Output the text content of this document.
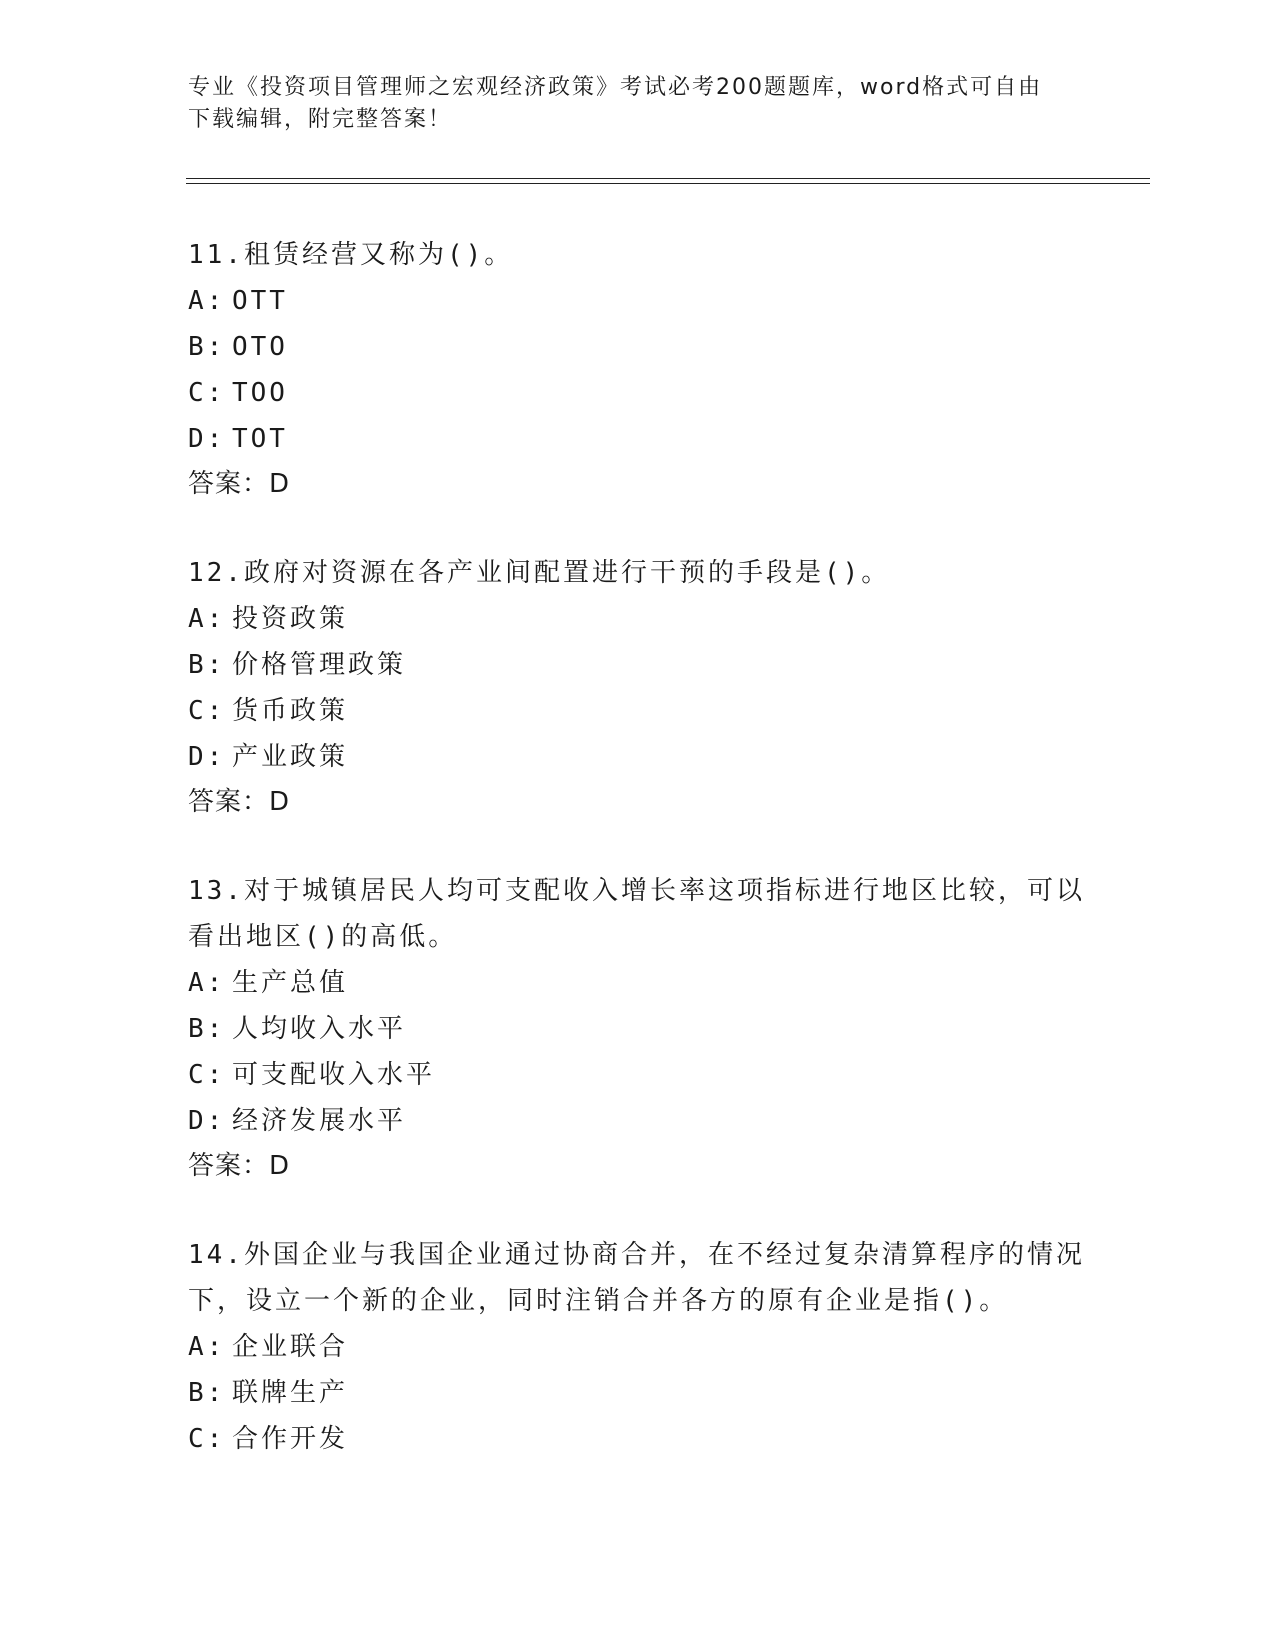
专业《投资项目管理师之宏观经济政策》考试必考200题题库，word格式可自由
下载编辑，附完整答案！
11.租赁经营又称为()。
A: OTT
B: OTO
C: TOO
D: TOT
答案：D
12.政府对资源在各产业间配置进行干预的手段是()。
A: 投资政策
B: 价格管理政策
C: 货币政策
D: 产业政策
答案：D
13.对于城镇居民人均可支配收入增长率这项指标进行地区比较，可以
看出地区()的高低。
A: 生产总值
B: 人均收入水平
C: 可支配收入水平
D: 经济发展水平
答案：D
14.外国企业与我国企业通过协商合并，在不经过复杂清算程序的情况
下，设立一个新的企业，同时注销合并各方的原有企业是指()。
A: 企业联合
B: 联牌生产
C: 合作开发
